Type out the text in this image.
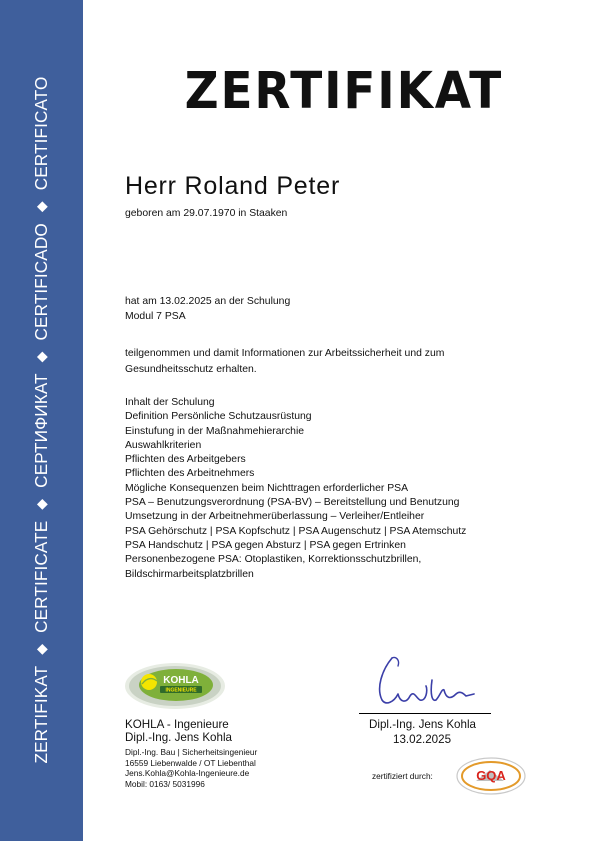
ZERTIFIKAT◆CERTIFICATE◆СЕРТИФИКАТ◆CERTIFICADO◆CERTIFICATO	ZERTIFIKAT
Herr Roland Peter
geboren am 29.07.1970 in Staaken
hat am 13.02.2025 an der Schulung
Modul 7 PSA
teilgenommen und damit Informationen zur Arbeitssicherheit und zum
Gesundheitsschutz erhalten.
Inhalt der Schulung
Definition Persönliche Schutzausrüstung
Einstufung in der Maßnahmehierarchie
Auswahlkriterien
Pflichten des Arbeitgebers
Pflichten des Arbeitnehmers
Mögliche Konsequenzen beim Nichttragen erforderlicher PSA
PSA – Benutzungsverordnung (PSA-BV) – Bereitstellung und Benutzung
Umsetzung in der Arbeitnehmerüberlassung – Verleiher/Entleiher
PSA Gehörschutz | PSA Kopfschutz | PSA Augenschutz | PSA Atemschutz
PSA Handschutz | PSA gegen Absturz | PSA gegen Ertrinken
Personenbezogene PSA: Otoplastiken, Korrektionsschutzbrillen,
Bildschirmarbeitsplatzbrillen
KOHLA
INGENIEURE
KOHLA - Ingenieure
Dipl.-Ing. Jens Kohla
Dipl.-Ing. Bau | Sicherheitsingenieur
16559 Liebenwalde / OT Liebenthal
Jens.Kohla@Kohla-Ingenieure.de
Mobil: 0163/ 5031996
Dipl.-Ing. Jens Kohla
13.02.2025
zertifiziert durch:	GQA
